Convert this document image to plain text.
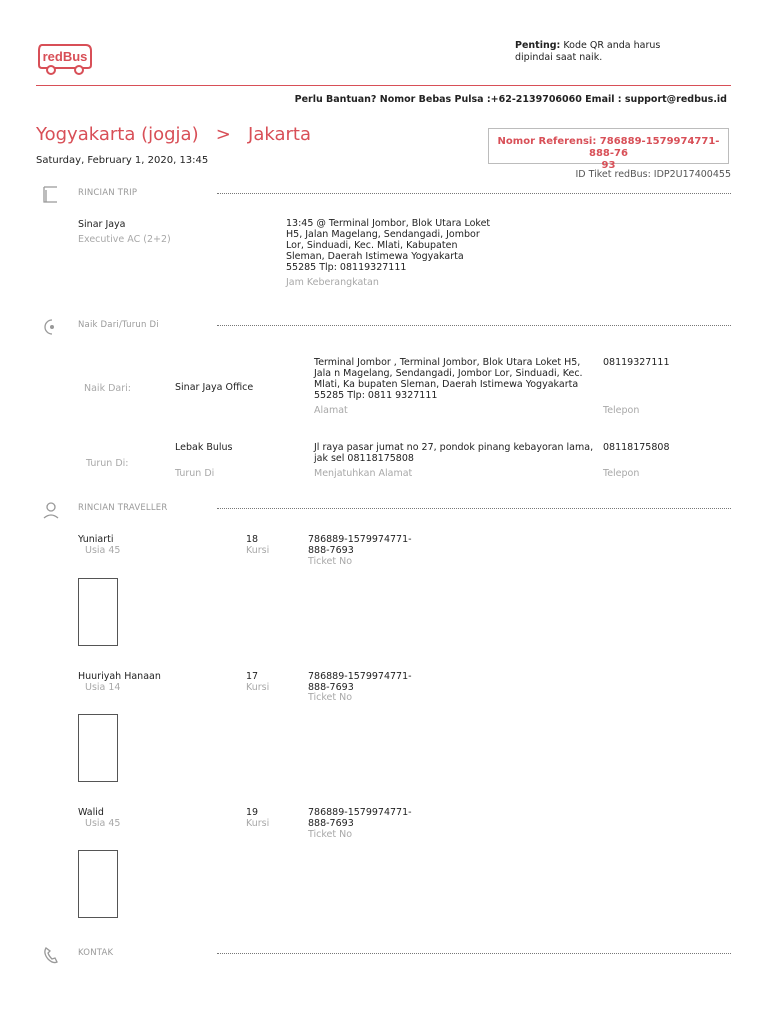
redBus
Penting: Kode QR anda harus dipindai saat naik.
Perlu Bantuan? Nomor Bebas Pulsa :+62-2139706060 Email : support@redbus.id
Yogyakarta (jogja) > Jakarta
Saturday, February 1, 2020, 13:45
Nomor Referensi: 786889-1579974771-888-76
93
ID Tiket redBus: IDP2U17400455
RINCIAN TRIP
Sinar Jaya
Executive AC (2+2)
13:45 @ Terminal Jombor, Blok Utara Loket H5, Jalan Magelang, Sendangadi, Jombor Lor, Sinduadi, Kec. Mlati, Kabupaten Sleman, Daerah Istimewa Yogyakarta 55285 Tlp: 08119327111
Jam Keberangkatan
Naik Dari/Turun Di
Naik Dari:	Sinar Jaya Office
Terminal Jombor , Terminal Jombor, Blok Utara Loket H5, Jala n Magelang, Sendangadi, Jombor Lor, Sinduadi, Kec. Mlati, Ka bupaten Sleman, Daerah Istimewa Yogyakarta 55285 Tlp: 0811 9327111
Alamat
08119327111
Telepon
Turun Di:
Lebak Bulus
Turun Di
Jl raya pasar jumat no 27, pondok pinang kebayoran lama, jak sel 08118175808
Menjatuhkan Alamat
08118175808
Telepon
RINCIAN TRAVELLER
Yuniarti
Usia 45
18
Kursi
786889-1579974771-
888-7693
Ticket No
Huuriyah Hanaan
Usia 14
17
Kursi
786889-1579974771-
888-7693
Ticket No
Walid
Usia 45
19
Kursi
786889-1579974771-
888-7693
Ticket No
KONTAK
